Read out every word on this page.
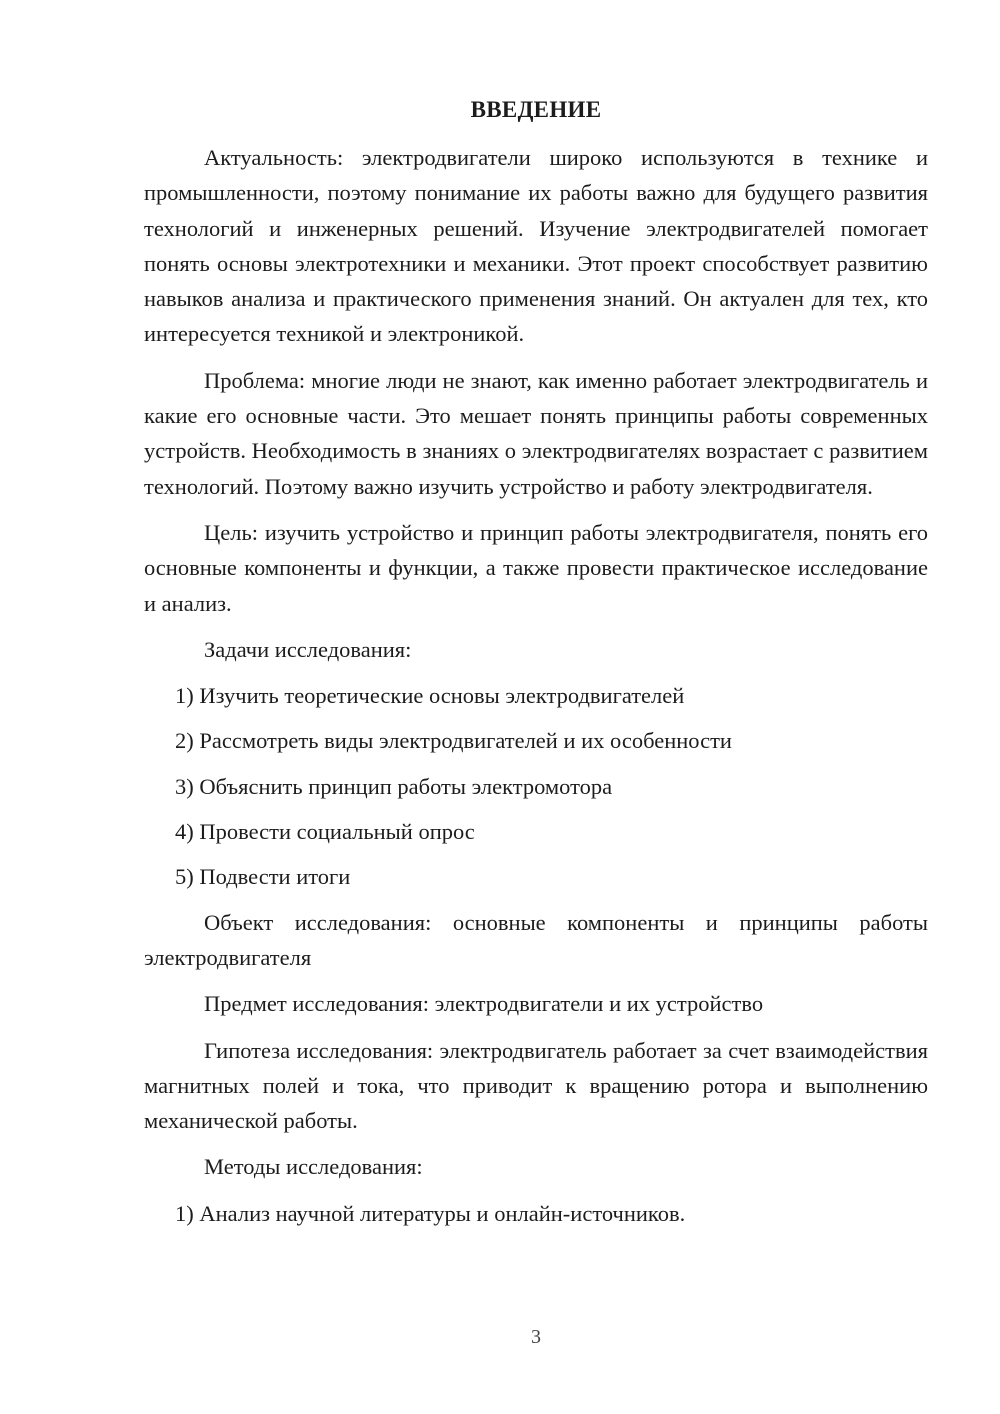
ВВЕДЕНИЕ

Актуальность: электродвигатели широко используются в технике и промышленности, поэтому понимание их работы важно для будущего развития технологий и инженерных решений. Изучение электродвигателей помогает понять основы электротехники и механики. Этот проект способствует развитию навыков анализа и практического применения знаний. Он актуален для тех, кто интересуется техникой и электроникой.

Проблема: многие люди не знают, как именно работает электродвигатель и какие его основные части. Это мешает понять принципы работы современных устройств. Необходимость в знаниях о электродвигателях возрастает с развитием технологий. Поэтому важно изучить устройство и работу электродвигателя.

Цель: изучить устройство и принцип работы электродвигателя, понять его основные компоненты и функции, а также провести практическое исследование и анализ.

Задачи исследования:

1) Изучить теоретические основы электродвигателей

2) Рассмотреть виды электродвигателей и их особенности

3) Объяснить принцип работы электромотора

4) Провести социальный опрос

5) Подвести итоги

Объект исследования: основные компоненты и принципы работы электродвигателя

Предмет исследования: электродвигатели и их устройство

Гипотеза исследования: электродвигатель работает за счет взаимодействия магнитных полей и тока, что приводит к вращению ротора и выполнению механической работы.

Методы исследования:

1) Анализ научной литературы и онлайн-источников.

3
